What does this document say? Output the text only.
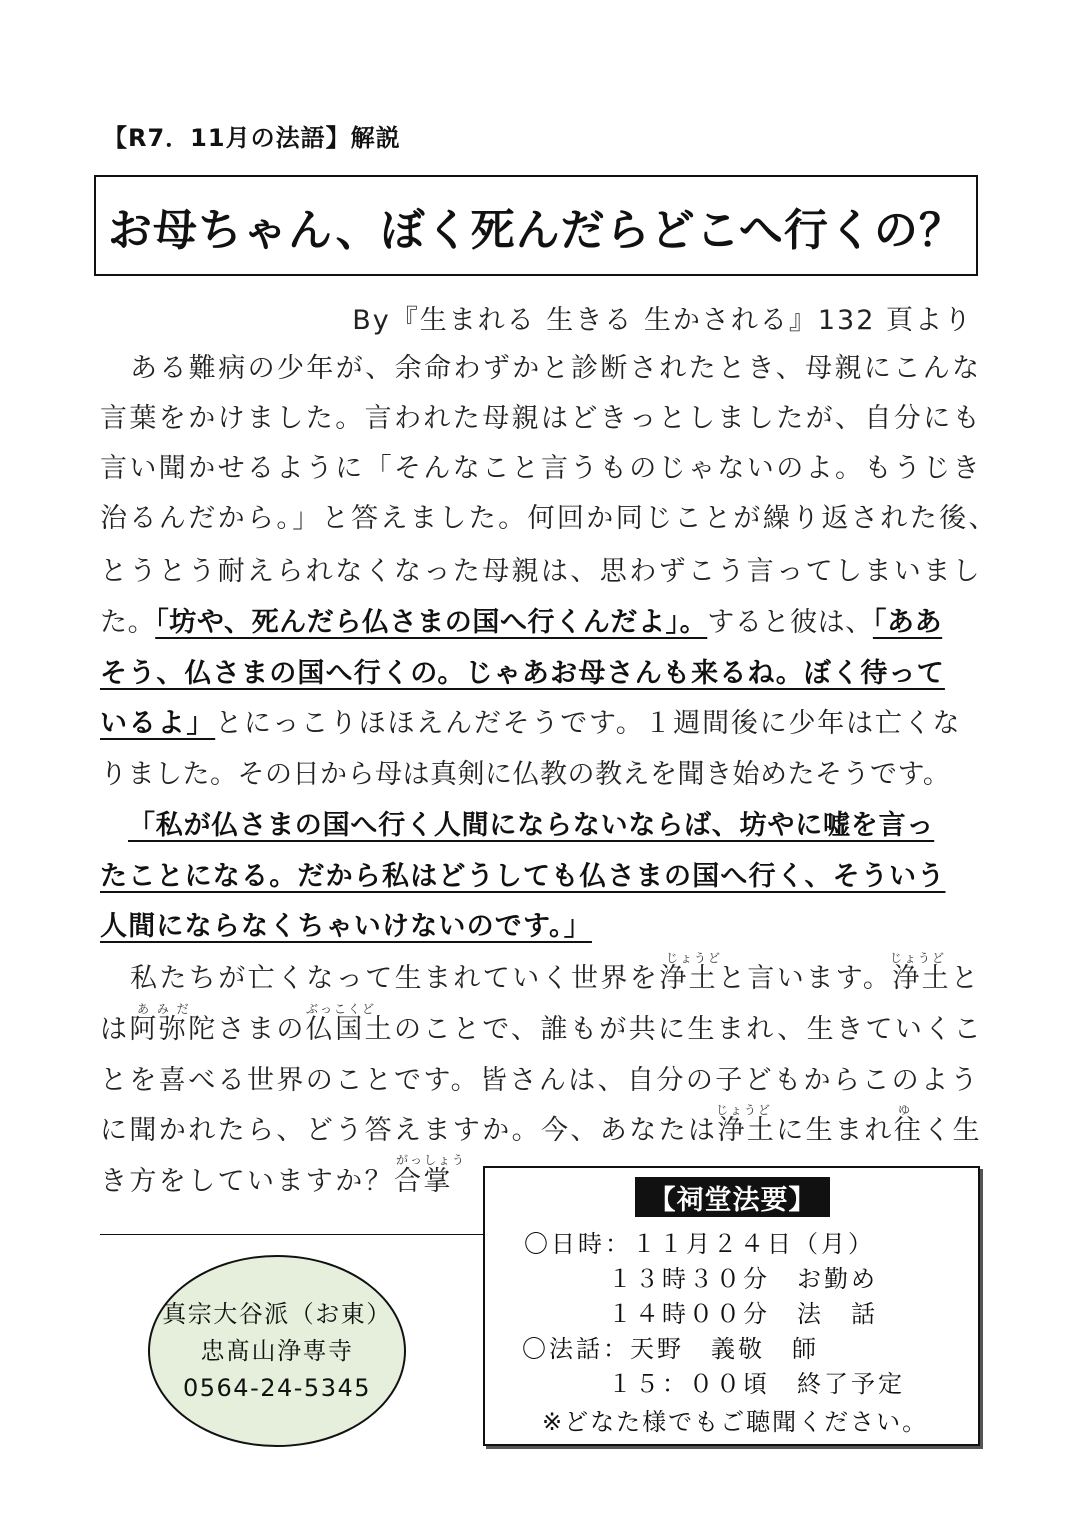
【R7．11月の法語】解説
お母ちゃん、ぼく死んだらどこへ行くの？
By『生まれる 生きる 生かされる』132 頁より
ある難病の少年が、余命わずかと診断されたとき、母親にこんな
言葉をかけました。言われた母親はどきっとしましたが、自分にも
言い聞かせるように「そんなこと言うものじゃないのよ。もうじき
治るんだから。」と答えました。何回か同じことが繰り返された後、
とうとう耐えられなくなった母親は、思わずこう言ってしまいまし
た。「坊や、死んだら仏さまの国へ行くんだよ」。すると彼は、「ああ
そう、仏さまの国へ行くの。じゃあお母さんも来るね。ぼく待って
いるよ」とにっこりほほえんだそうです。１週間後に少年は亡くな
りました。その日から母は真剣に仏教の教えを聞き始めたそうです。
「私が仏さまの国へ行く人間にならないならば、坊やに嘘を言っ
たことになる。だから私はどうしても仏さまの国へ行く、そういう
人間にならなくちゃいけないのです。」
じょうど	じょうど
あ み だ	ぶっこくど
じょうど	ゆ
がっしょう
私たちが亡くなって生まれていく世界を浄土と言います。浄土と
は阿弥陀さまの仏国土のことで、誰もが共に生まれ、生きていくこ
とを喜べる世界のことです。皆さんは、自分の子どもからこのよう
に聞かれたら、どう答えますか。今、あなたは浄土に生まれ往く生
き方をしていますか？合掌
真宗大谷派（お東）
忠髙山浄専寺
0564-24-5345
【祠堂法要】
〇日時：１１月２４日（月）
１３時３０分　お勤め
１４時００分　法　話
〇法話：天野　義敬　師
１５：００頃　終了予定
※どなた様でもご聴聞ください。
